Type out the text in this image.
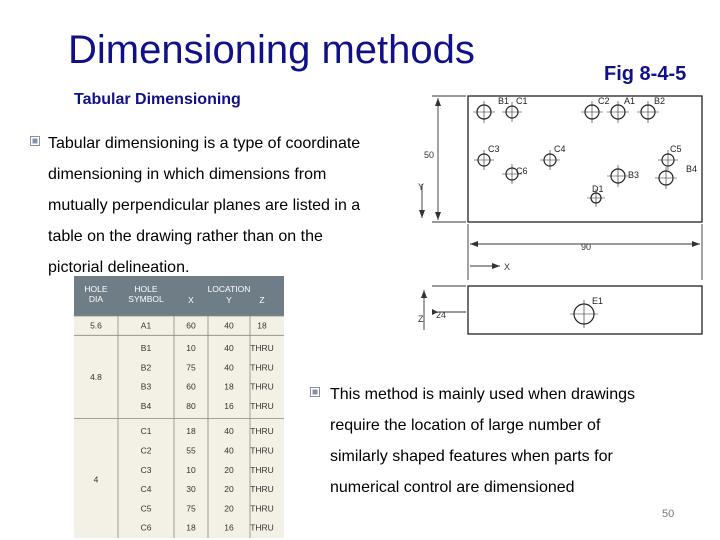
Dimensioning methods
Fig 8-4-5
Tabular Dimensioning
Tabular dimensioning is a type of coordinate
dimensioning in which dimensions from
mutually perpendicular planes are listed in a
table on the drawing rather than on the
pictorial delineation.
This method is mainly used when drawings
require the location of large number of
similarly shaped features when parts for
numerical control are dimensioned
50
90
24
Y
X
Z
B1 C1	C2 A1 B2
C3	C4	C5
C6	B3
B4
D1
E1
HOLE DIA
HOLE SYMBOL
LOCATION
X	Y	Z
5.6	A1	60	40	18
4.8
B1	10	40 THRU
B2	75	40 THRU
B3	60	18 THRU
B4	80	16 THRU
4
C1	18	40 THRU
C2	55	40 THRU
C3	10	20 THRU
C4	30	20 THRU
C5	75	20 THRU
C6	18	16 THRU
50
